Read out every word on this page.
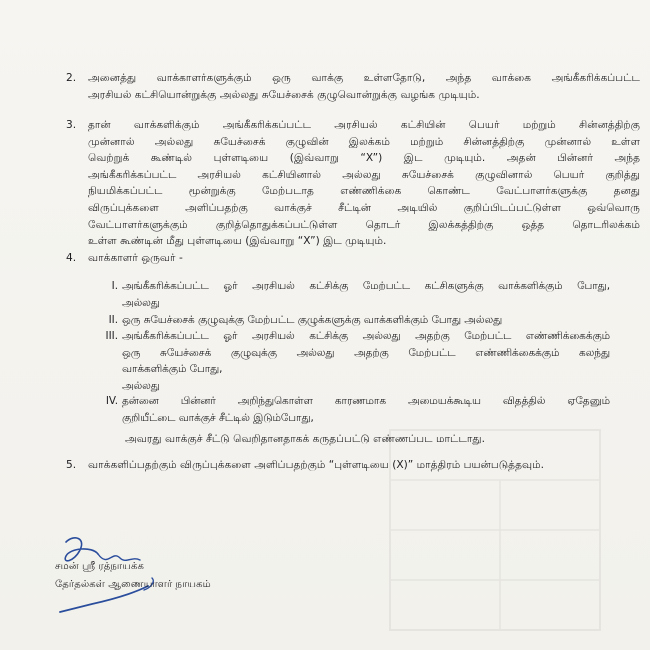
2. அனைத்து வாக்காளர்களுக்கும் ஒரு வாக்கு உள்ளதோடு, அந்த வாக்கை அங்கீகரிக்கப்பட்ட
அரசியல் கட்சியொன்றுக்கு அல்லது சுயேச்சைக் குழுவொன்றுக்கு வழங்க முடியும்.
3. தான் வாக்களிக்கும் அங்கீகரிக்கப்பட்ட அரசியல் கட்சியின் பெயர் மற்றும் சின்னத்திற்கு
முன்னால் அல்லது சுயேச்சைக் குழுவின் இலக்கம் மற்றும் சின்னத்திற்கு முன்னால் உள்ள
வெற்றுக் கூண்டில் புள்ளடியை (இவ்வாறு “X”) இட முடியும். அதன் பின்னர் அந்த
அங்கீகரிக்கப்பட்ட அரசியல் கட்சியினால் அல்லது சுயேச்சைக் குழுவினால் பெயர் குறித்து
நியமிக்கப்பட்ட மூன்றுக்கு மேற்படாத எண்ணிக்கை கொண்ட வேட்பாளர்களுக்கு தனது
விருப்புக்களை அளிப்பதற்கு வாக்குச் சீட்டின் அடியில் குறிப்பிடப்பட்டுள்ள ஒவ்வொரு
வேட்பாளர்களுக்கும் குறித்தொதுக்கப்பட்டுள்ள தொடர் இலக்கத்திற்கு ஒத்த தொடரிலக்கம்
உள்ள கூண்டின் மீது புள்ளடியை (இவ்வாறு “X”) இட முடியும்.
4. வாக்காளர் ஒருவர் -
I. அங்கீகரிக்கப்பட்ட ஓர் அரசியல் கட்சிக்கு மேற்பட்ட கட்சிகளுக்கு வாக்களிக்கும் போது,
அல்லது
II. ஒரு சுயேச்சைக் குழுவுக்கு மேற்பட்ட குழுக்களுக்கு வாக்களிக்கும் போது அல்லது
III. அங்கீகரிக்கப்பட்ட ஓர் அரசியல் கட்சிக்கு அல்லது அதற்கு மேற்பட்ட எண்ணிக்கைக்கும்
ஒரு சுயேச்சைக் குழுவுக்கு அல்லது அதற்கு மேற்பட்ட எண்ணிக்கைக்கும் கலந்து
வாக்களிக்கும் போது,
அல்லது
IV. தன்னை பின்னர் அறிந்துகொள்ள காரணமாக அமையக்கூடிய விதத்தில் ஏதேனும்
குறியீட்டை வாக்குச் சீட்டில் இடும்போது,
அவரது வாக்குச் சீட்டு வெறிதானதாகக் கருதப்பட்டு எண்ணப்பட மாட்டாது.
5. வாக்களிப்பதற்கும் விருப்புக்களை அளிப்பதற்கும் “புள்ளடியை (X)” மாத்திரம் பயன்படுத்தவும்.
சமன் ஸ்ரீ ரத்நாயக்க
தேர்தல்கள் ஆணையாளர் நாயகம்
